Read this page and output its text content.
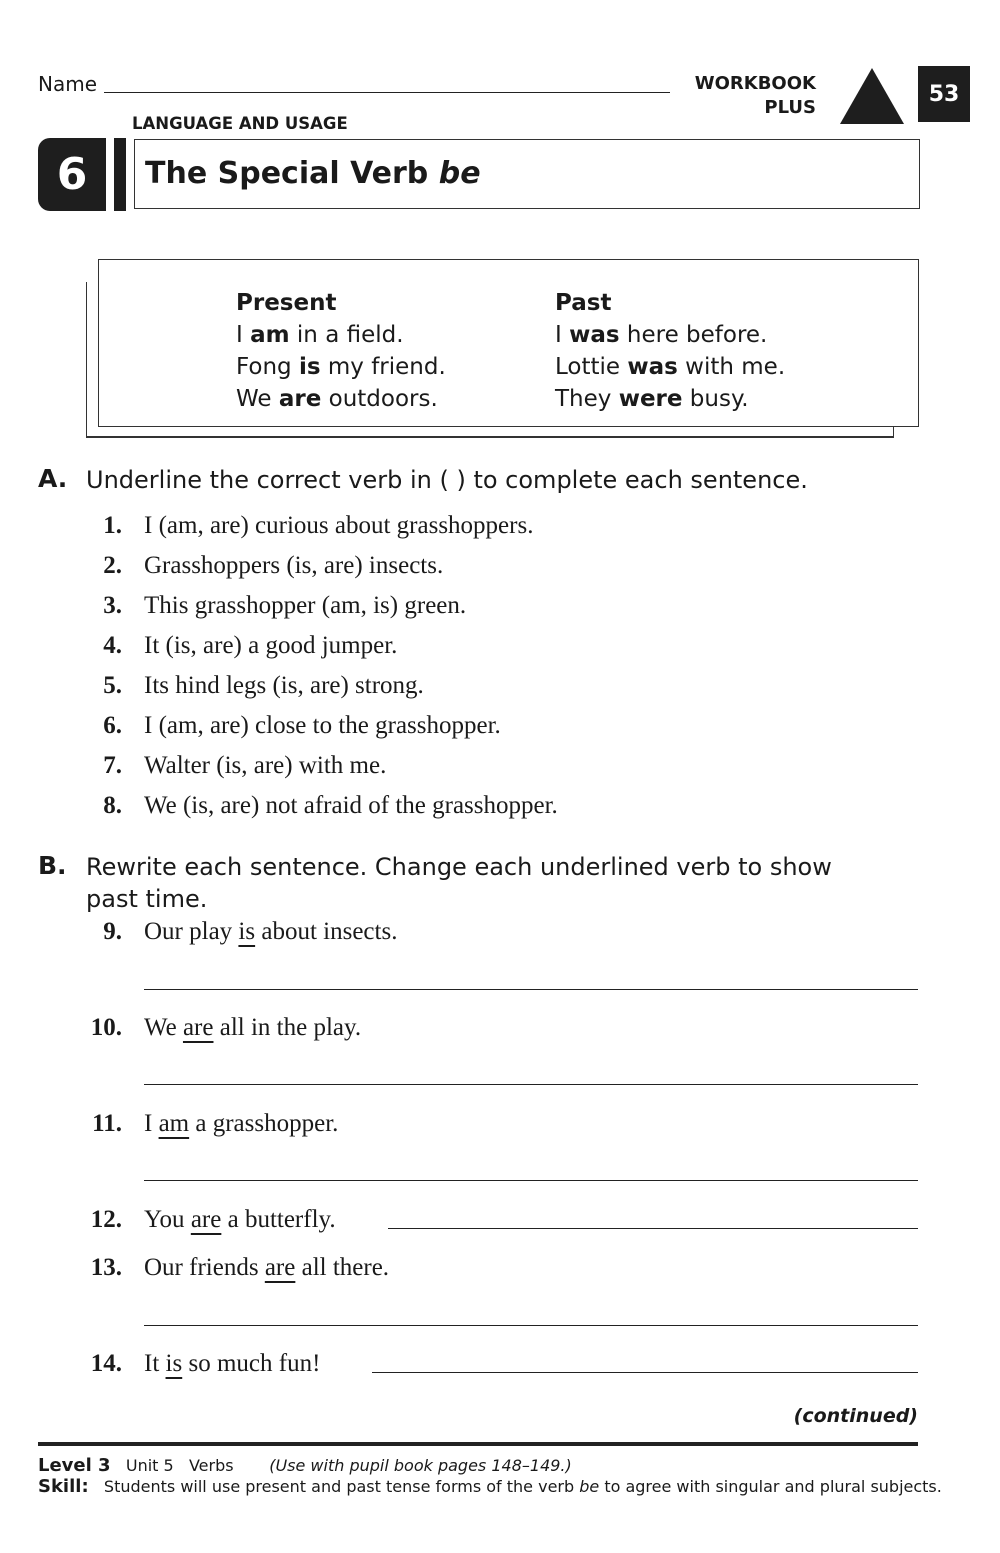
Name	WORKBOOK
PLUS
53
LANGUAGE AND USAGE
6	The Special Verb be
Present
I am in a field.
Fong is my friend.
We are outdoors.
Past
I was here before.
Lottie was with me.
They were busy.
A. Underline the correct verb in ( ) to complete each sentence.
1. I (am, are) curious about grasshoppers.
2. Grasshoppers (is, are) insects.
3. This grasshopper (am, is) green.
4. It (is, are) a good jumper.
5. Its hind legs (is, are) strong.
6. I (am, are) close to the grasshopper.
7. Walter (is, are) with me.
8. We (is, are) not afraid of the grasshopper.
B. Rewrite each sentence. Change each underlined verb to show
past time.
9. Our play is about insects.
10. We are all in the play.
11. I am a grasshopper.
12. You are a butterfly.
13. Our friends are all there.
14. It is so much fun!
(continued)
Level 3 Unit 5 Verbs (Use with pupil book pages 148–149.)
Skill: Students will use present and past tense forms of the verb be to agree with singular and plural subjects.
